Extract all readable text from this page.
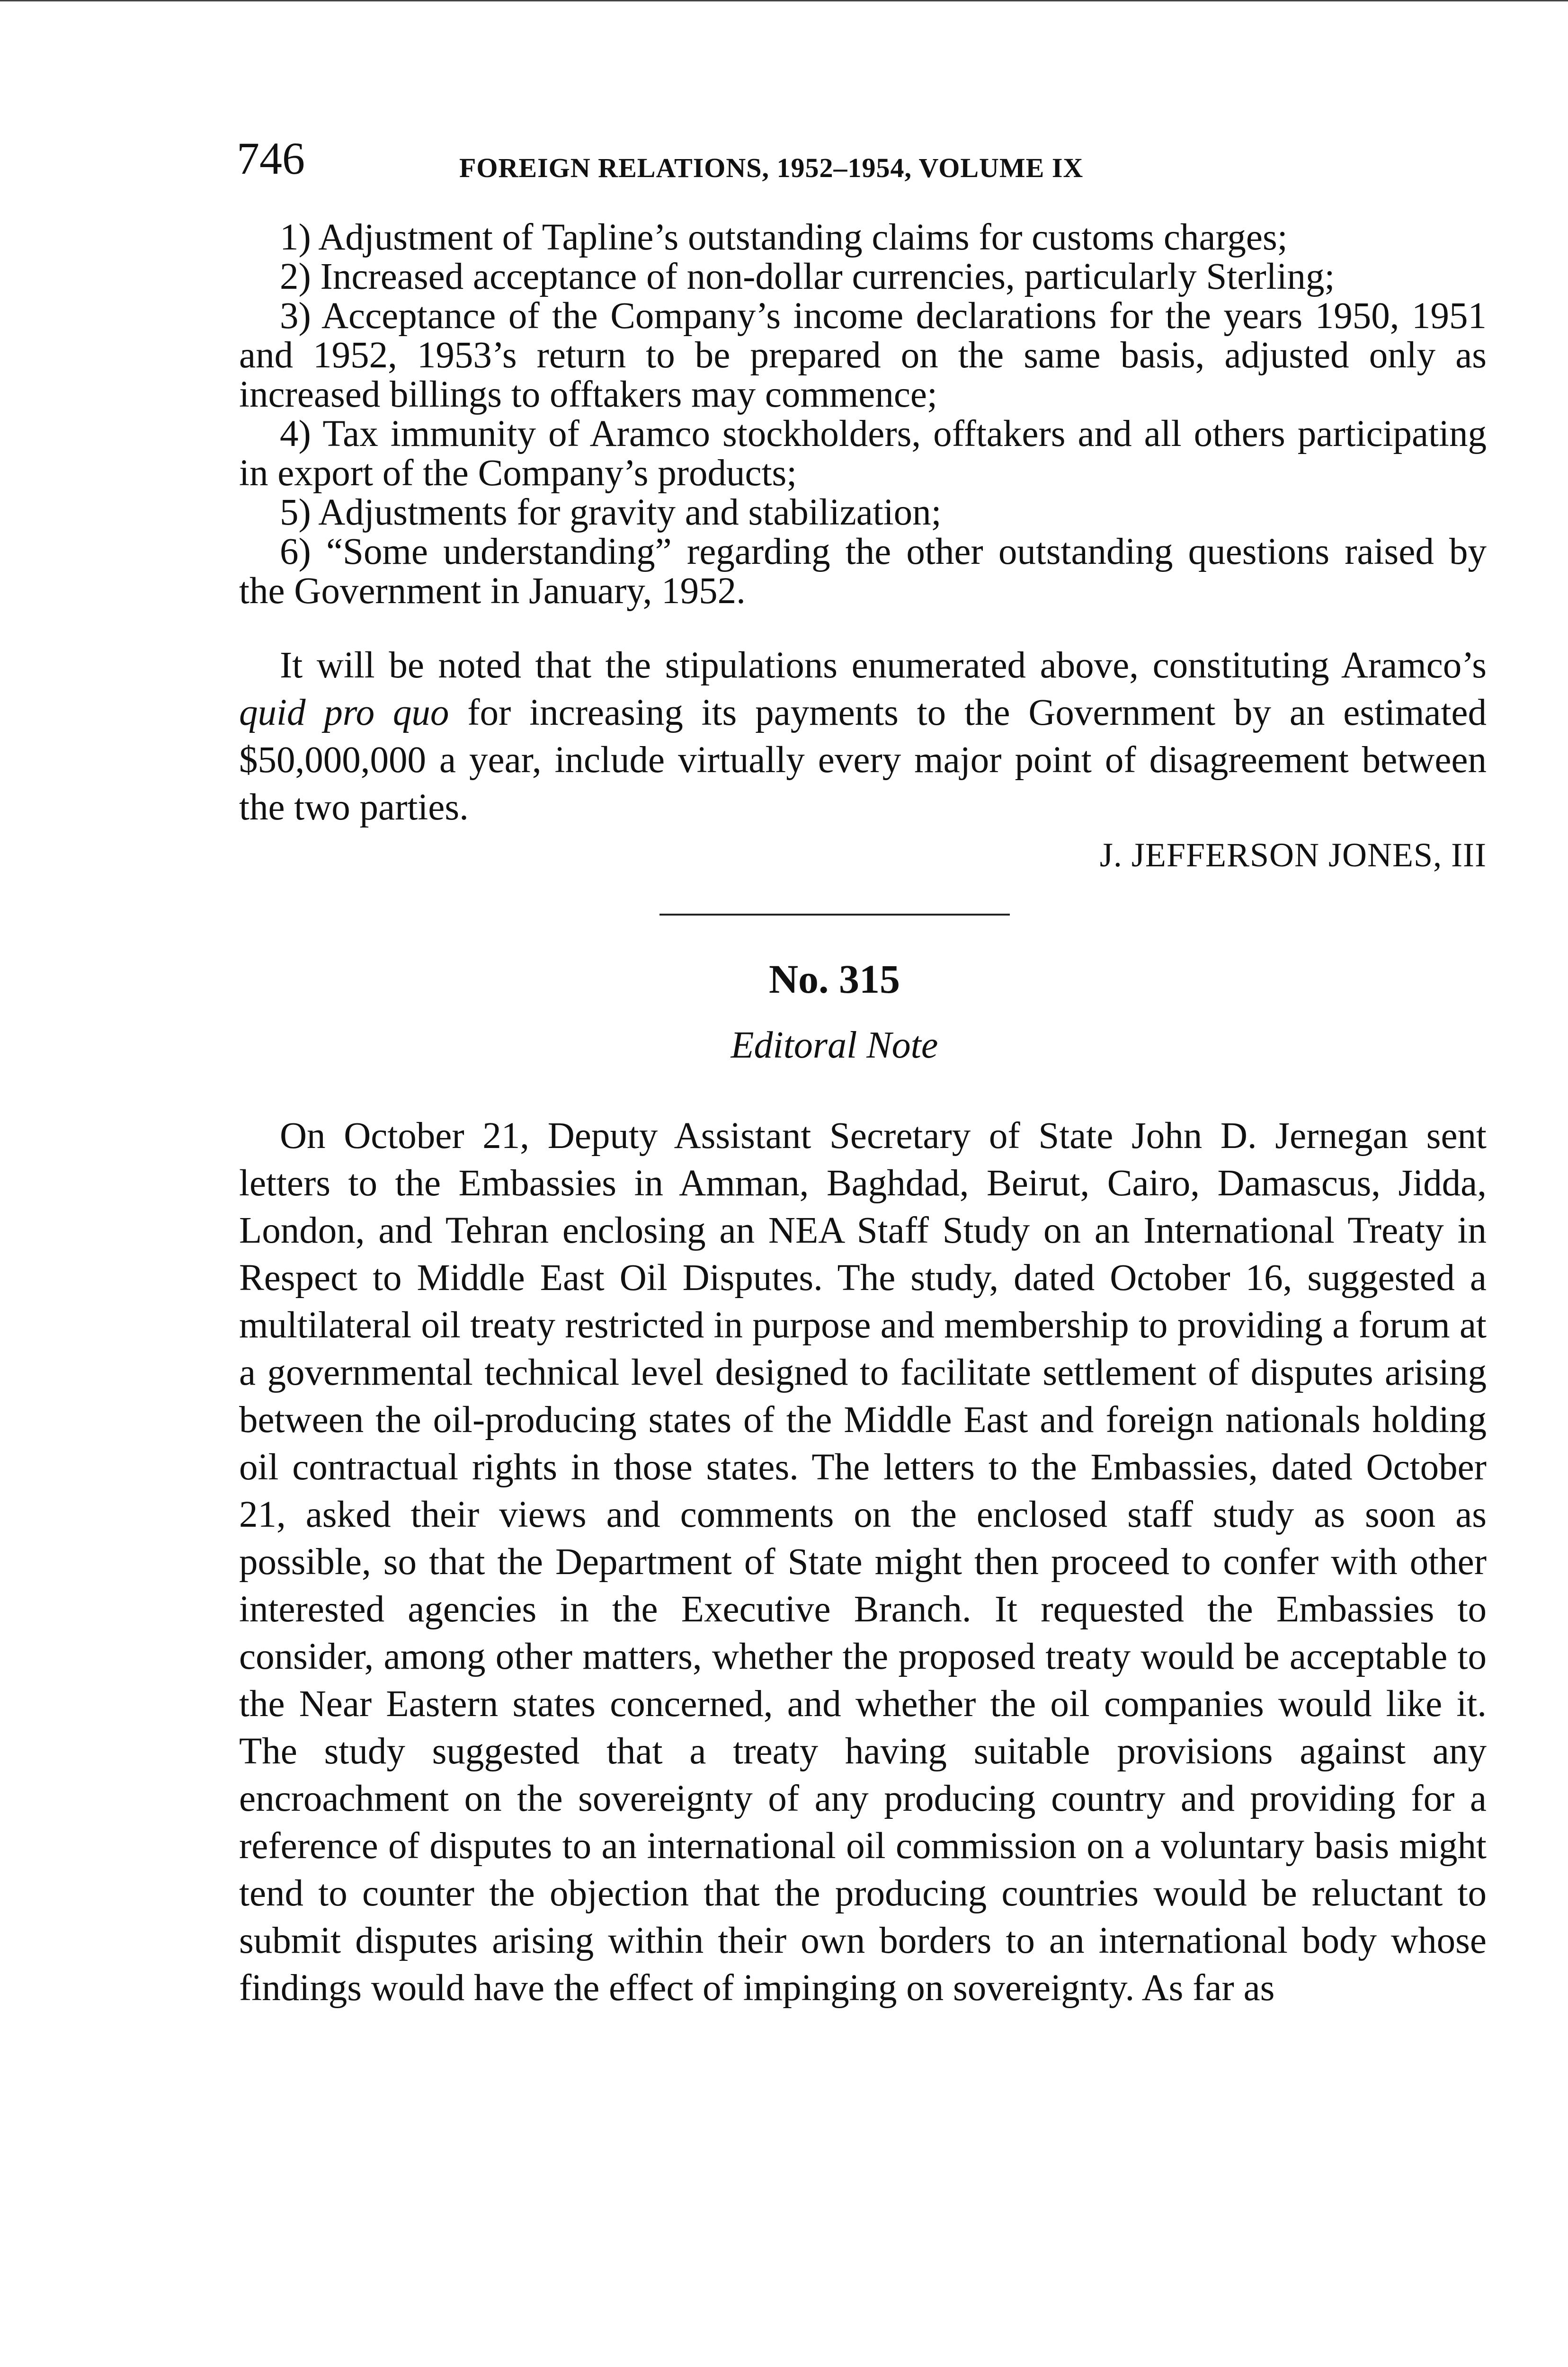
746	FOREIGN RELATIONS, 1952–1954, VOLUME IX

1) Adjustment of Tapline’s outstanding claims for customs charges;

2) Increased acceptance of non-dollar currencies, particularly Sterling;

3) Acceptance of the Company’s income declarations for the years 1950, 1951 and 1952, 1953’s return to be prepared on the same basis, adjusted only as increased billings to offtakers may commence;

4) Tax immunity of Aramco stockholders, offtakers and all others participating in export of the Company’s products;

5) Adjustments for gravity and stabilization;

6) “Some understanding” regarding the other outstanding questions raised by the Government in January, 1952.

It will be noted that the stipulations enumerated above, constituting Aramco’s quid pro quo for increasing its payments to the Government by an estimated $50,000,000 a year, include virtually every major point of disagreement between the two parties.

J. JEFFERSON JONES, III

No. 315

Editoral Note

On October 21, Deputy Assistant Secretary of State John D. Jernegan sent letters to the Embassies in Amman, Baghdad, Beirut, Cairo, Damascus, Jidda, London, and Tehran enclosing an NEA Staff Study on an International Treaty in Respect to Middle East Oil Disputes. The study, dated October 16, suggested a multilateral oil treaty restricted in purpose and membership to providing a forum at a governmental technical level designed to facilitate settlement of disputes arising between the oil-producing states of the Middle East and foreign nationals holding oil contractual rights in those states. The letters to the Embassies, dated October 21, asked their views and comments on the enclosed staff study as soon as possible, so that the Department of State might then proceed to confer with other interested agencies in the Executive Branch. It requested the Embassies to consider, among other matters, whether the proposed treaty would be acceptable to the Near Eastern states concerned, and whether the oil companies would like it. The study suggested that a treaty having suitable provisions against any encroachment on the sovereignty of any producing country and providing for a reference of disputes to an international oil commission on a voluntary basis might tend to counter the objection that the producing countries would be reluctant to submit disputes arising within their own borders to an international body whose findings would have the effect of impinging on sovereignty. As far as
